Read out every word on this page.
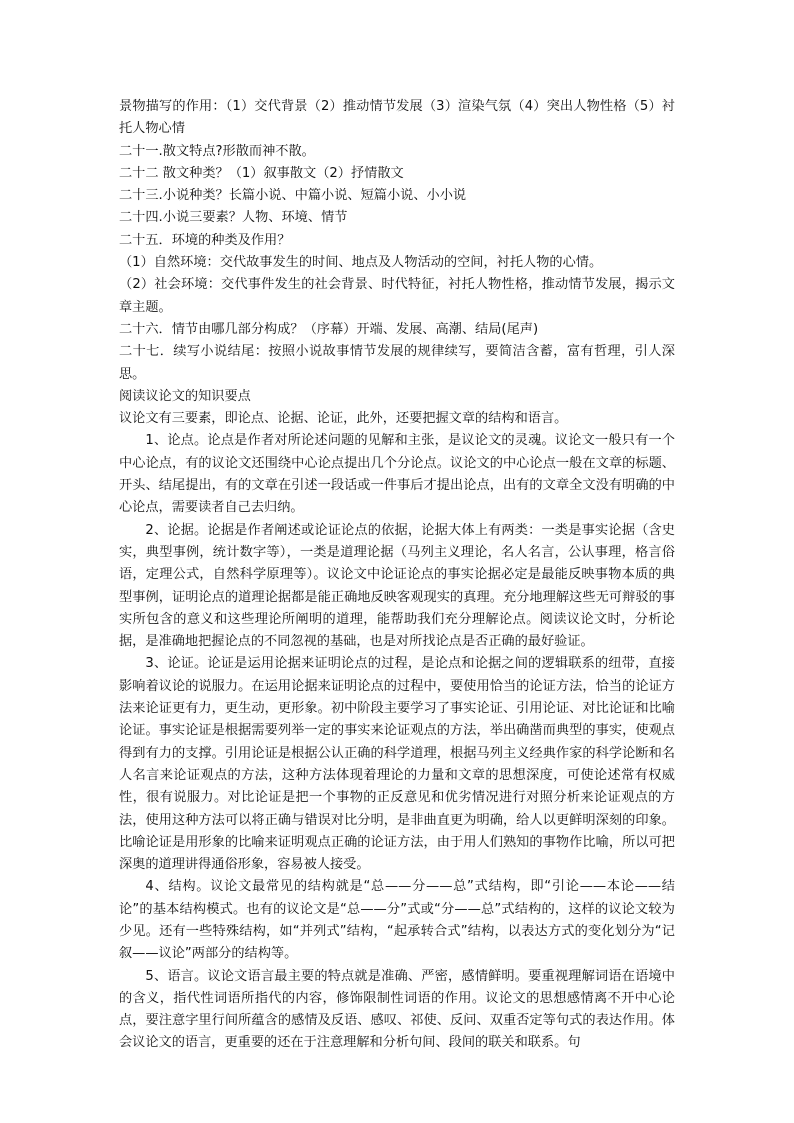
景物描写的作用：（1）交代背景（2）推动情节发展（3）渲染气氛（4）突出人物性格（5）衬托人物心情

二十一.散文特点?形散而神不散。

二十二 散文种类？（1）叙事散文（2）抒情散文

二十三.小说种类？长篇小说、中篇小说、短篇小说、小小说

二十四.小说三要素？人物、环境、情节

二十五．环境的种类及作用？

（1）自然环境：交代故事发生的时间、地点及人物活动的空间，衬托人物的心情。

（2）社会环境：交代事件发生的社会背景、时代特征，衬托人物性格，推动情节发展，揭示文章主题。

二十六．情节由哪几部分构成？（序幕）开端、发展、高潮、结局(尾声)

二十七．续写小说结尾：按照小说故事情节发展的规律续写，要简洁含蓄，富有哲理，引人深思。

阅读议论文的知识要点

议论文有三要素，即论点、论据、论证，此外，还要把握文章的结构和语言。

1、论点。论点是作者对所论述问题的见解和主张，是议论文的灵魂。议论文一般只有一个中心论点，有的议论文还围绕中心论点提出几个分论点。议论文的中心论点一般在文章的标题、开头、结尾提出，有的文章在引述一段话或一件事后才提出论点，出有的文章全文没有明确的中心论点，需要读者自己去归纳。

2、论据。论据是作者阐述或论证论点的依据，论据大体上有两类：一类是事实论据（含史实，典型事例，统计数字等），一类是道理论据（马列主义理论，名人名言，公认事理，格言俗语，定理公式，自然科学原理等）。议论文中论证论点的事实论据必定是最能反映事物本质的典型事例，证明论点的道理论据都是能正确地反映客观现实的真理。充分地理解这些无可辩驳的事实所包含的意义和这些理论所阐明的道理，能帮助我们充分理解论点。阅读议论文时，分析论据，是准确地把握论点的不同忽视的基础，也是对所找论点是否正确的最好验证。

3、论证。论证是运用论据来证明论点的过程，是论点和论据之间的逻辑联系的纽带，直接影响着议论的说服力。在运用论据来证明论点的过程中，要使用恰当的论证方法，恰当的论证方法来论证更有力，更生动，更形象。初中阶段主要学习了事实论证、引用论证、对比论证和比喻论证。事实论证是根据需要列举一定的事实来论证观点的方法，举出确凿而典型的事实，使观点得到有力的支撑。引用论证是根据公认正确的科学道理，根据马列主义经典作家的科学论断和名人名言来论证观点的方法，这种方法体现着理论的力量和文章的思想深度，可使论述常有权威性，很有说服力。对比论证是把一个事物的正反意见和优劣情况进行对照分析来论证观点的方法，使用这种方法可以将正确与错误对比分明，是非曲直更为明确，给人以更鲜明深刻的印象。比喻论证是用形象的比喻来证明观点正确的论证方法，由于用人们熟知的事物作比喻，所以可把深奥的道理讲得通俗形象，容易被人接受。

4、结构。议论文最常见的结构就是“总——分——总”式结构，即“引论——本论——结论”的基本结构模式。也有的议论文是“总——分”式或“分——总”式结构的，这样的议论文较为少见。还有一些特殊结构，如“并列式”结构，“起承转合式”结构，以表达方式的变化划分为“记叙——议论”两部分的结构等。

5、语言。议论文语言最主要的特点就是准确、严密，感情鲜明。要重视理解词语在语境中的含义，指代性词语所指代的内容，修饰限制性词语的作用。议论文的思想感情离不开中心论点，要注意字里行间所蕴含的感情及反语、感叹、祁使、反问、双重否定等句式的表达作用。体会议论文的语言，更重要的还在于注意理解和分析句间、段间的联关和联系。句
